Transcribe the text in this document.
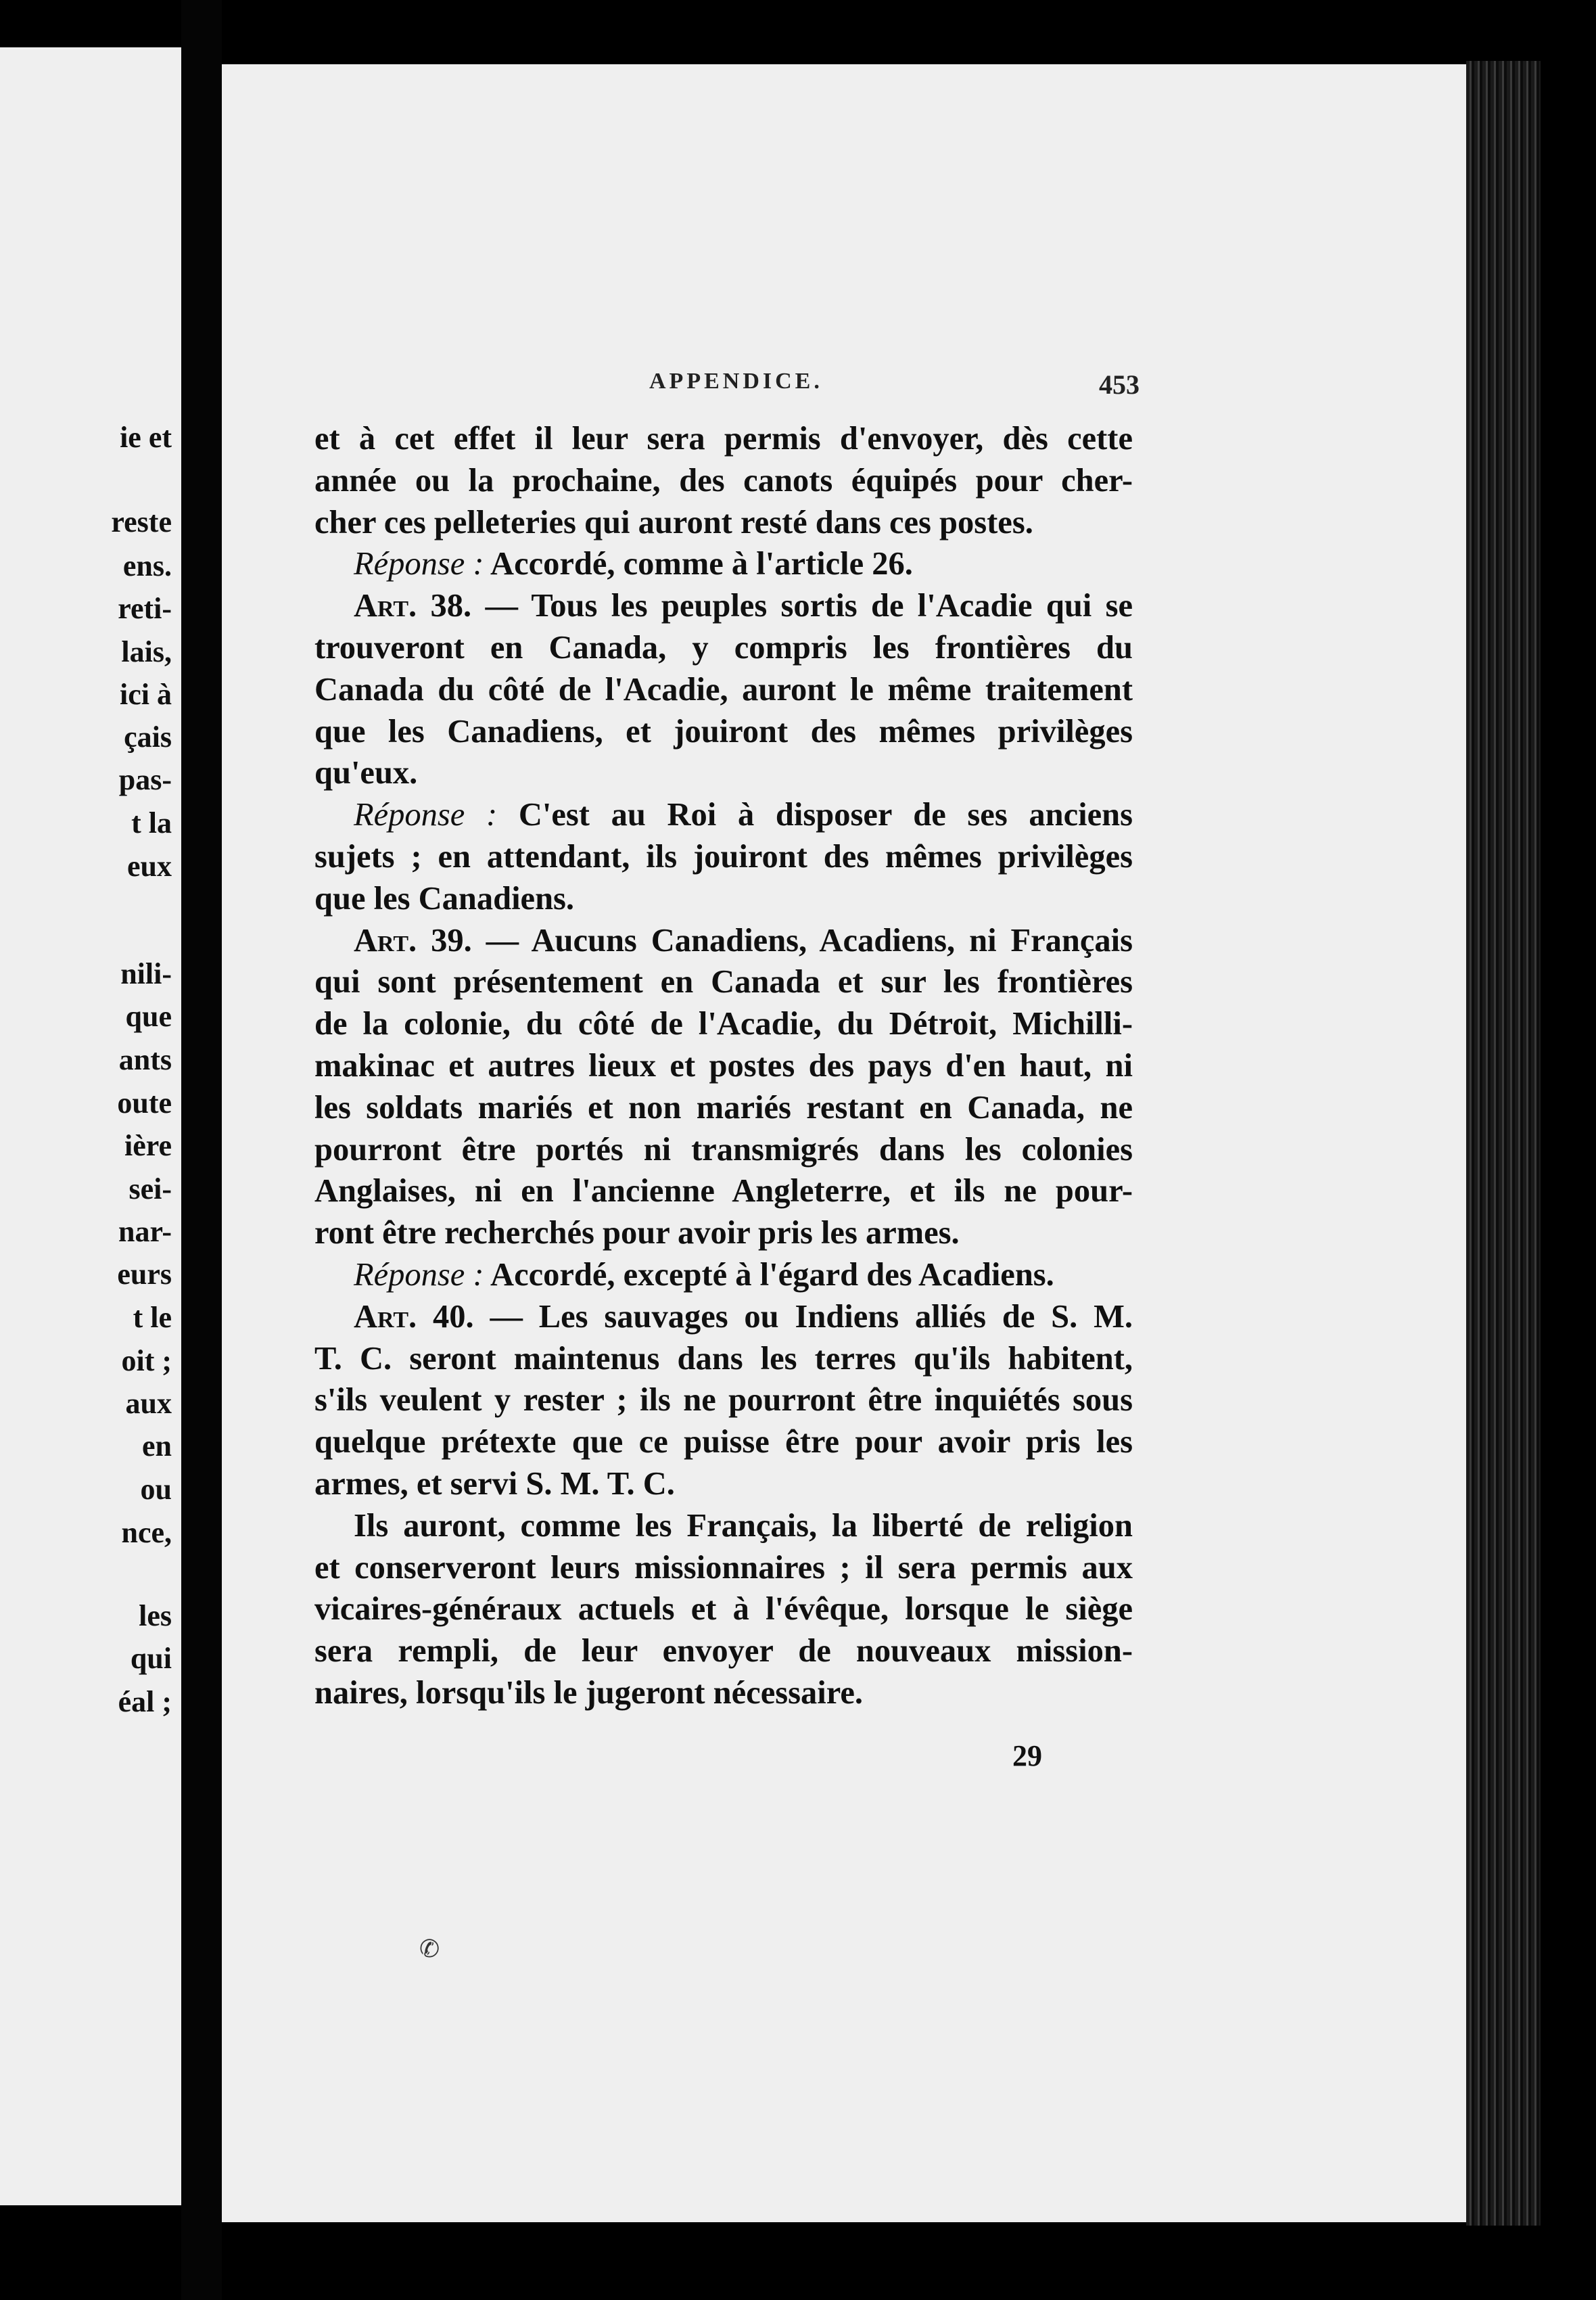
ie et
reste
ens.
reti-
lais,
ici à
çais
pas-
t la
eux
nili-
que
ants
oute
ière
sei-
nar-
eurs
t le
oit ;
aux
en
ou
nce,
les
qui
éal ;
APPENDICE.	453
et à cet effet il leur sera permis d'envoyer, dès cette
année ou la prochaine, des canots équipés pour cher-
cher ces pelleteries qui auront resté dans ces postes.
Réponse : Accordé, comme à l'article 26.
Art. 38. — Tous les peuples sortis de l'Acadie qui se
trouveront en Canada, y compris les frontières du
Canada du côté de l'Acadie, auront le même traitement
que les Canadiens, et jouiront des mêmes privilèges
qu'eux.
Réponse : C'est au Roi à disposer de ses anciens
sujets ; en attendant, ils jouiront des mêmes privilèges
que les Canadiens.
Art. 39. — Aucuns Canadiens, Acadiens, ni Français
qui sont présentement en Canada et sur les frontières
de la colonie, du côté de l'Acadie, du Détroit, Michilli-
makinac et autres lieux et postes des pays d'en haut, ni
les soldats mariés et non mariés restant en Canada, ne
pourront être portés ni transmigrés dans les colonies
Anglaises, ni en l'ancienne Angleterre, et ils ne pour-
ront être recherchés pour avoir pris les armes.
Réponse : Accordé, excepté à l'égard des Acadiens.
Art. 40. — Les sauvages ou Indiens alliés de S. M.
T. C. seront maintenus dans les terres qu'ils habitent,
s'ils veulent y rester ; ils ne pourront être inquiétés sous
quelque prétexte que ce puisse être pour avoir pris les
armes, et servi S. M. T. C.
Ils auront, comme les Français, la liberté de religion
et conserveront leurs missionnaires ; il sera permis aux
vicaires-généraux actuels et à l'évêque, lorsque le siège
sera rempli, de leur envoyer de nouveaux mission-
naires, lorsqu'ils le jugeront nécessaire.
29
✆
